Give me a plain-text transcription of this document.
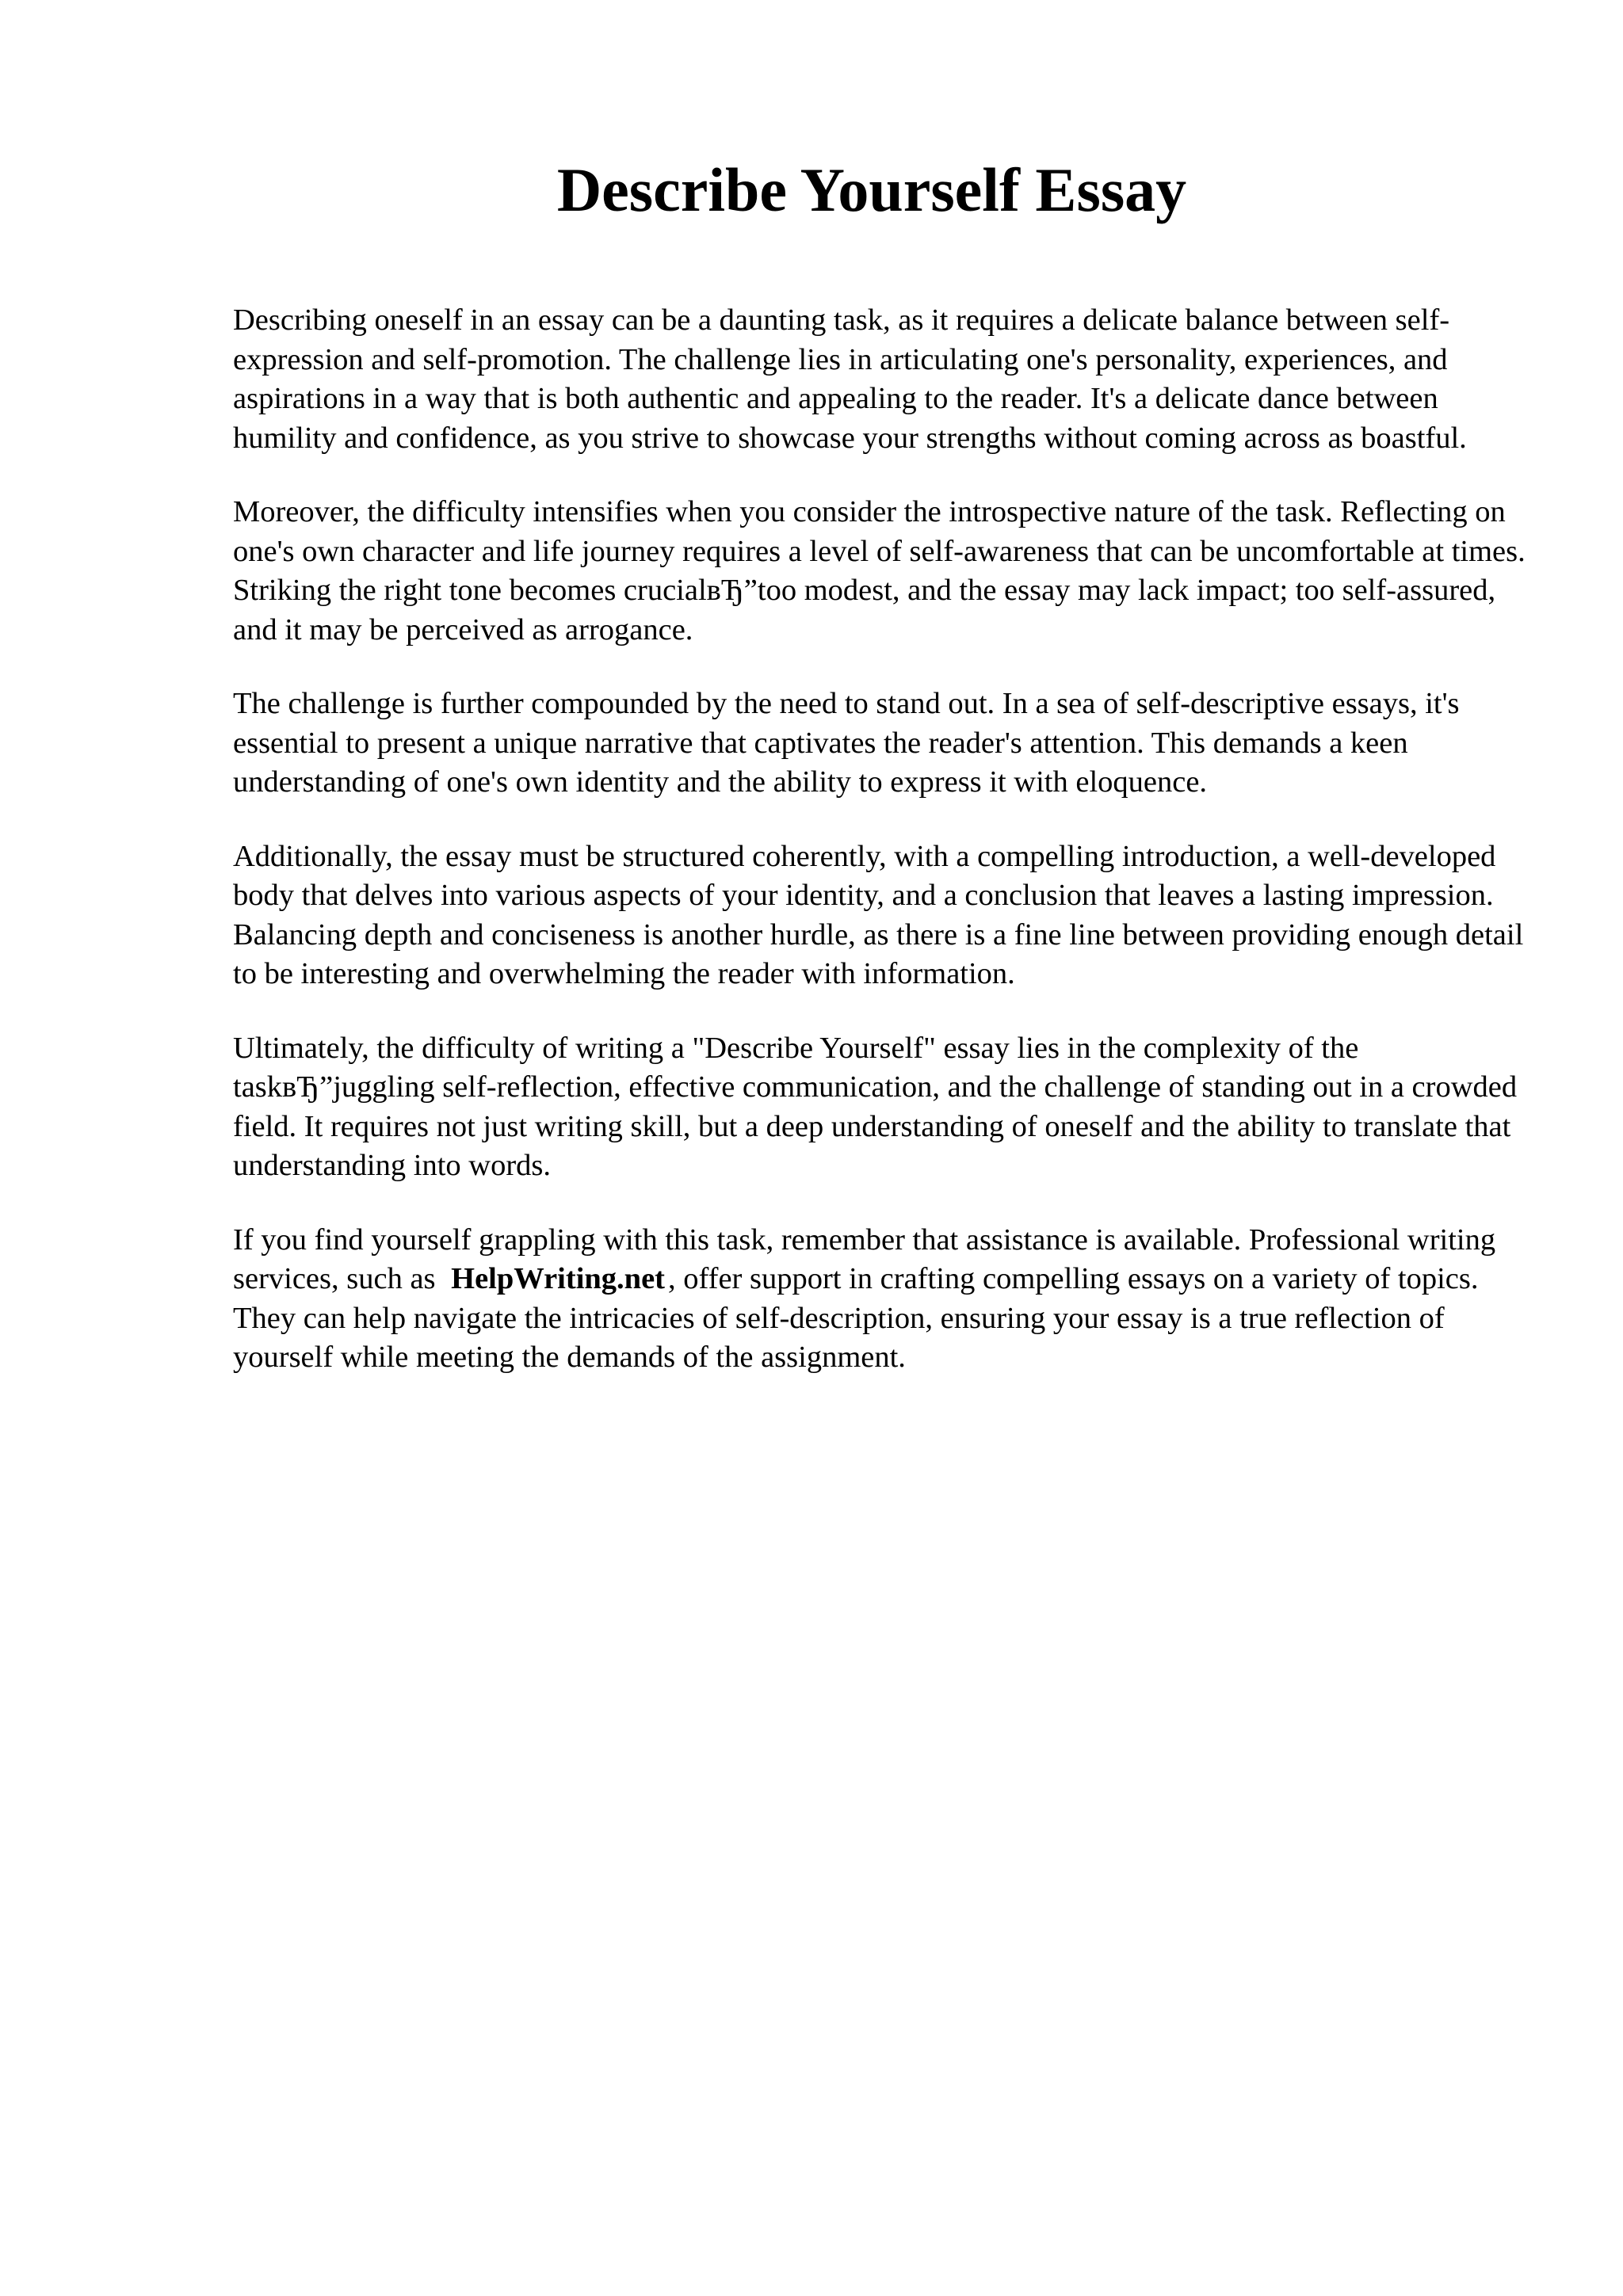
Describe Yourself Essay

Describing oneself in an essay can be a daunting task, as it requires a delicate balance between self-expression and self-promotion. The challenge lies in articulating one's personality, experiences, and aspirations in a way that is both authentic and appealing to the reader. It's a delicate dance between humility and confidence, as you strive to showcase your strengths without coming across as boastful.

Moreover, the difficulty intensifies when you consider the introspective nature of the task. Reflecting on one's own character and life journey requires a level of self-awareness that can be uncomfortable at times. Striking the right tone becomes crucialвЂ”too modest, and the essay may lack impact; too self-assured, and it may be perceived as arrogance.

The challenge is further compounded by the need to stand out. In a sea of self-descriptive essays, it's essential to present a unique narrative that captivates the reader's attention. This demands a keen understanding of one's own identity and the ability to express it with eloquence.

Additionally, the essay must be structured coherently, with a compelling introduction, a well-developed body that delves into various aspects of your identity, and a conclusion that leaves a lasting impression. Balancing depth and conciseness is another hurdle, as there is a fine line between providing enough detail to be interesting and overwhelming the reader with information.

Ultimately, the difficulty of writing a "Describe Yourself" essay lies in the complexity of the taskвЂ”juggling self-reflection, effective communication, and the challenge of standing out in a crowded field. It requires not just writing skill, but a deep understanding of oneself and the ability to translate that understanding into words.

If you find yourself grappling with this task, remember that assistance is available. Professional writing services, such as HelpWriting.net , offer support in crafting compelling essays on a variety of topics. They can help navigate the intricacies of self-description, ensuring your essay is a true reflection of yourself while meeting the demands of the assignment.
